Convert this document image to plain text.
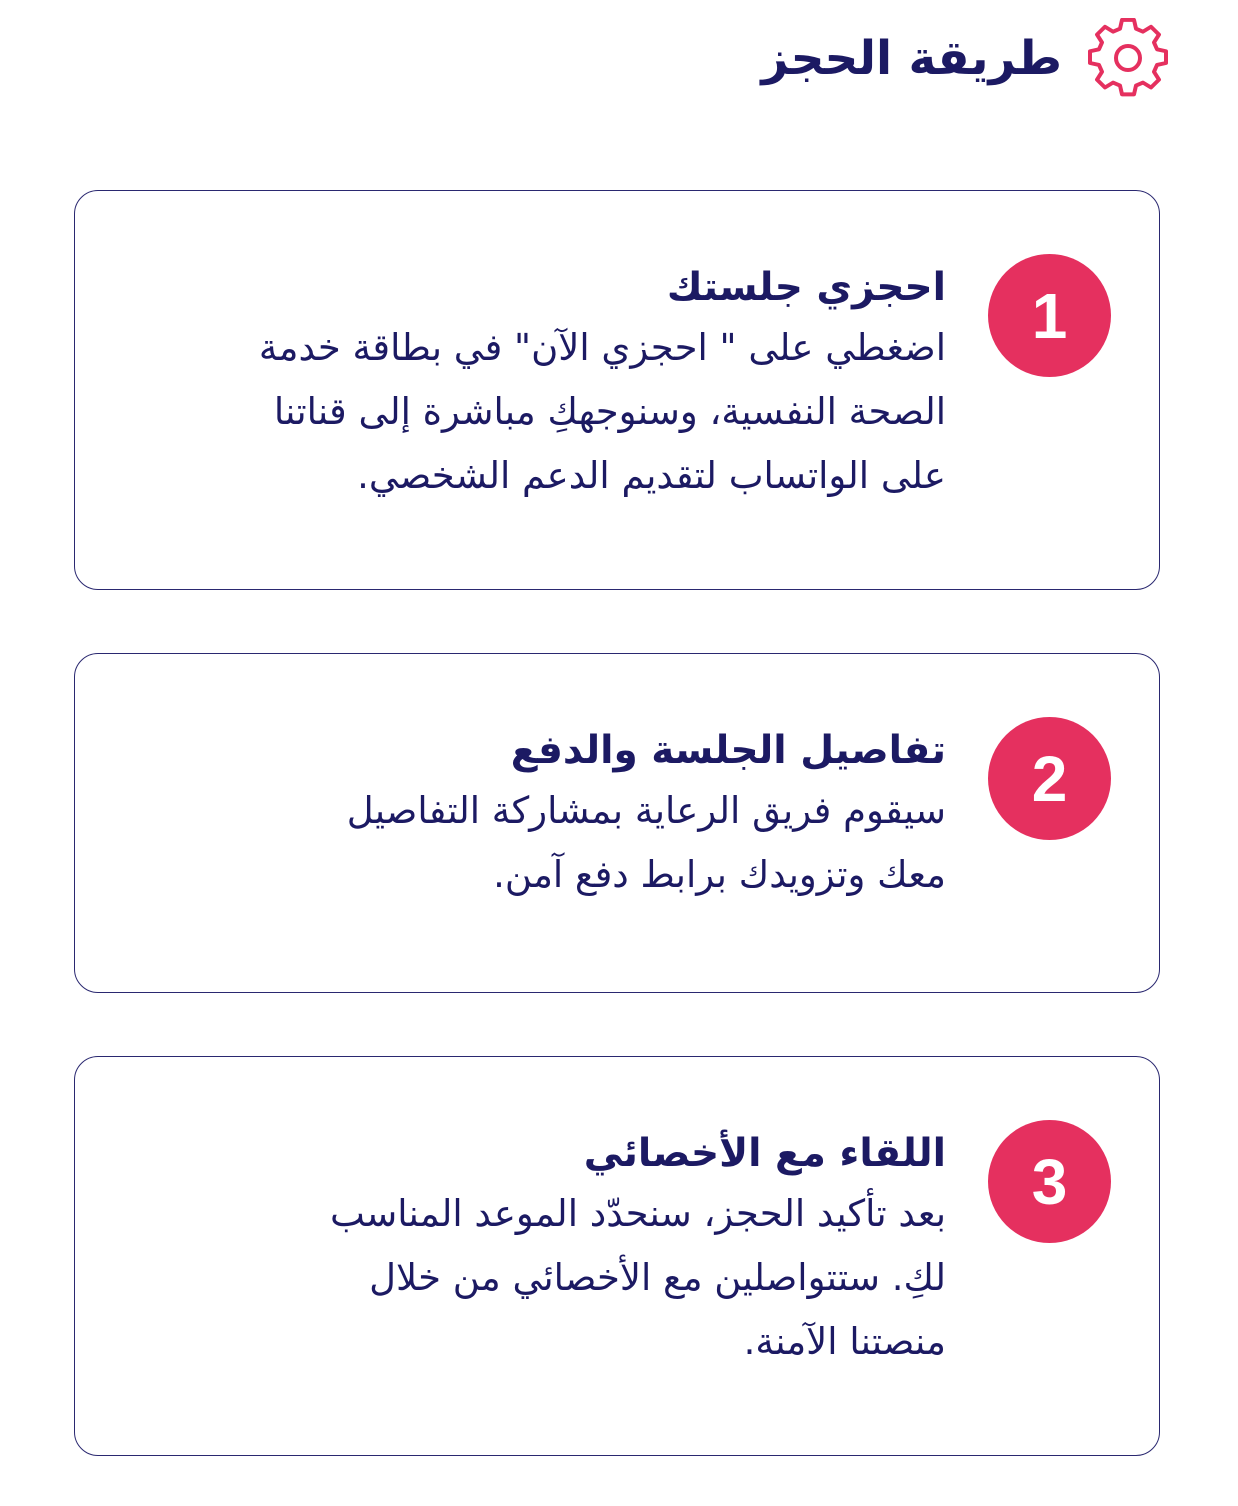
طريقة الحجز
1
احجزي جلستك
اضغطي على " احجزي الآن" في بطاقة خدمة
الصحة النفسية، وسنوجهكِ مباشرة إلى قناتنا
على الواتساب لتقديم الدعم الشخصي.
2
تفاصيل الجلسة والدفع
سيقوم فريق الرعاية بمشاركة التفاصيل
معك وتزويدك برابط دفع آمن.
3
اللقاء مع الأخصائي
بعد تأكيد الحجز، سنحدّد الموعد المناسب
لكِ. ستتواصلين مع الأخصائي من خلال
منصتنا الآمنة.
